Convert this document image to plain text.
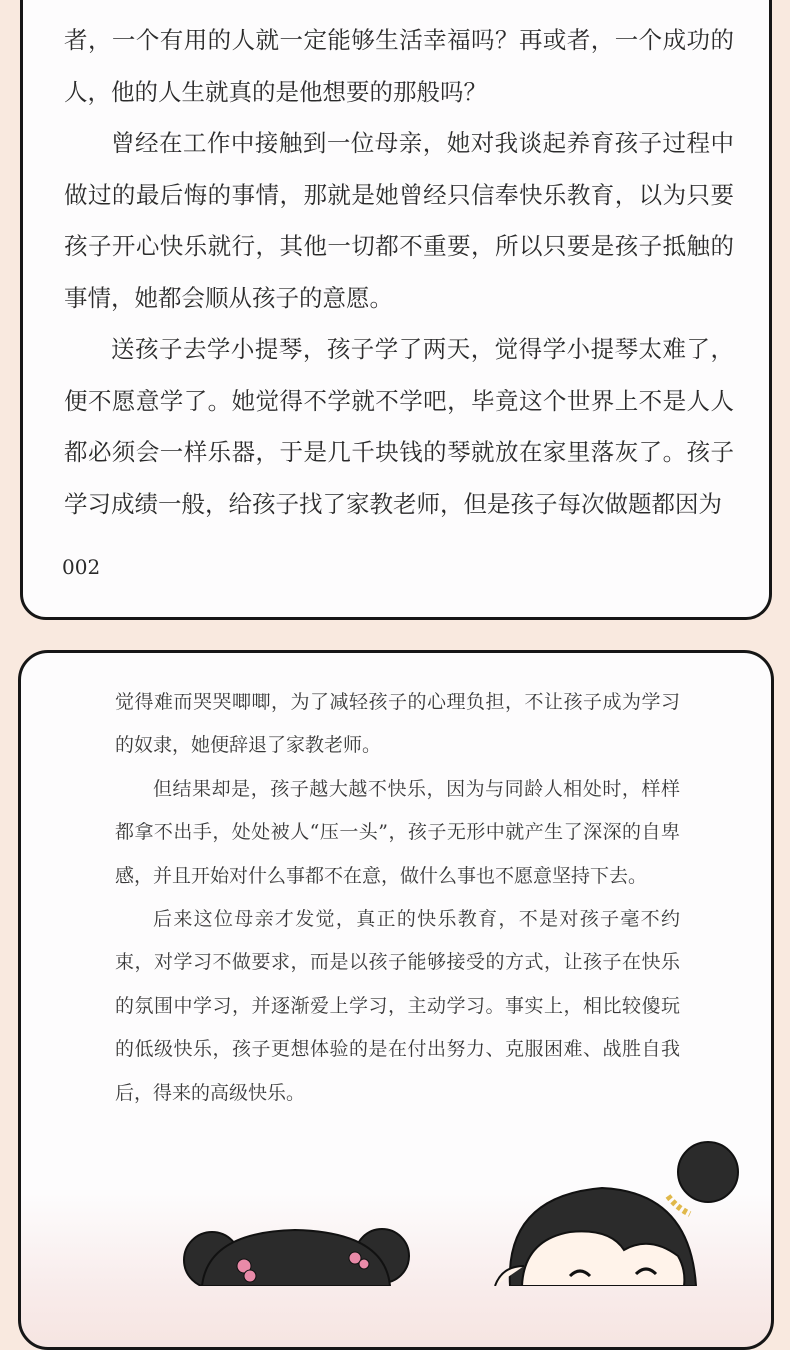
者，一个有用的人就一定能够生活幸福吗？再或者，一个成功的人，他的人生就真的是他想要的那般吗？

曾经在工作中接触到一位母亲，她对我谈起养育孩子过程中做过的最后悔的事情，那就是她曾经只信奉快乐教育，以为只要孩子开心快乐就行，其他一切都不重要，所以只要是孩子抵触的事情，她都会顺从孩子的意愿。

送孩子去学小提琴，孩子学了两天，觉得学小提琴太难了，便不愿意学了。她觉得不学就不学吧，毕竟这个世界上不是人人都必须会一样乐器，于是几千块钱的琴就放在家里落灰了。孩子学习成绩一般，给孩子找了家教老师，但是孩子每次做题都因为

002

觉得难而哭哭唧唧，为了减轻孩子的心理负担，不让孩子成为学习的奴隶，她便辞退了家教老师。

但结果却是，孩子越大越不快乐，因为与同龄人相处时，样样都拿不出手，处处被人“压一头”，孩子无形中就产生了深深的自卑感，并且开始对什么事都不在意，做什么事也不愿意坚持下去。

后来这位母亲才发觉，真正的快乐教育，不是对孩子毫不约束，对学习不做要求，而是以孩子能够接受的方式，让孩子在快乐的氛围中学习，并逐渐爱上学习，主动学习。事实上，相比较傻玩的低级快乐，孩子更想体验的是在付出努力、克服困难、战胜自我后，得来的高级快乐。
